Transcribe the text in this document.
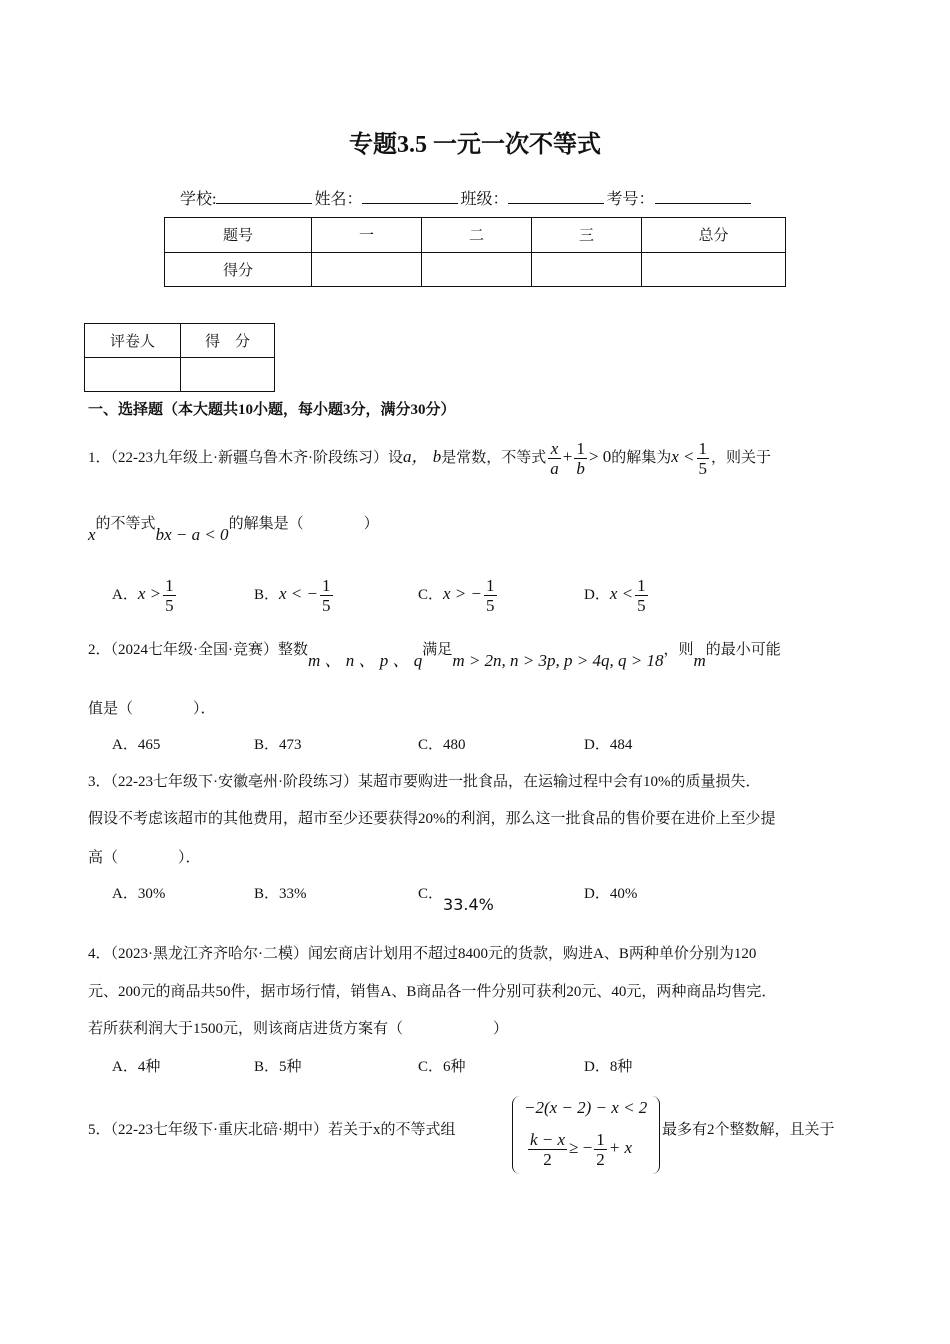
专题3.5 一元一次不等式
学校:	姓名：	班级：	考号：
题号	一	二	三	总分
得分				
评卷人	得　分

一、选择题（本大题共10小题，每小题3分，满分30分）
1．（22-23九年级上·新疆乌鲁木齐·阶段练习）设a， b是常数，不等式 $\frac{x}{a} + \frac{1}{b} > 0$的解集为$x < \frac{1}{5}$ ，则关于
x的不等式bx − a < 0的解集是（　　　　）
A．$x > \frac{1}{5}$	B．x < − $\frac{1}{5}$	C．x > − $\frac{1}{5}$	D．$x < \frac{1}{5}$
2．（2024七年级·全国·竞赛）整数m 、 n 、 p 、 q满足m > 2n, n > 3p, p > 4q, q > 18，则m的最小可能
值是（　　　　）．
A．465	B．473	C．480	D．484
3．（22-23七年级下·安徽亳州·阶段练习）某超市要购进一批食品，在运输过程中会有10%的质量损失．
假设不考虑该超市的其他费用，超市至少还要获得20%的利润，那么这一批食品的售价要在进价上至少提
高（　　　　）．
A．30%	B．33%	C．33.4%
D．40%
4．（2023·黑龙江齐齐哈尔·二模）闻宏商店计划用不超过8400元的货款，购进A、B两种单价分别为120
元、200元的商品共50件，据市场行情，销售A、B商品各一件分别可获利20元、40元，两种商品均售完．
若所获利润大于1500元，则该商店进货方案有（　　　　　　）
A．4种	B．5种	C．6种	D．8种
5．（22-23七年级下·重庆北碚·期中）若关于x的不等式组
−2(x − 2) − x < 2
$\frac{k - x}{2}$ ≥ − $\frac{1}{2} + x$
最多有2个整数解，且关于
